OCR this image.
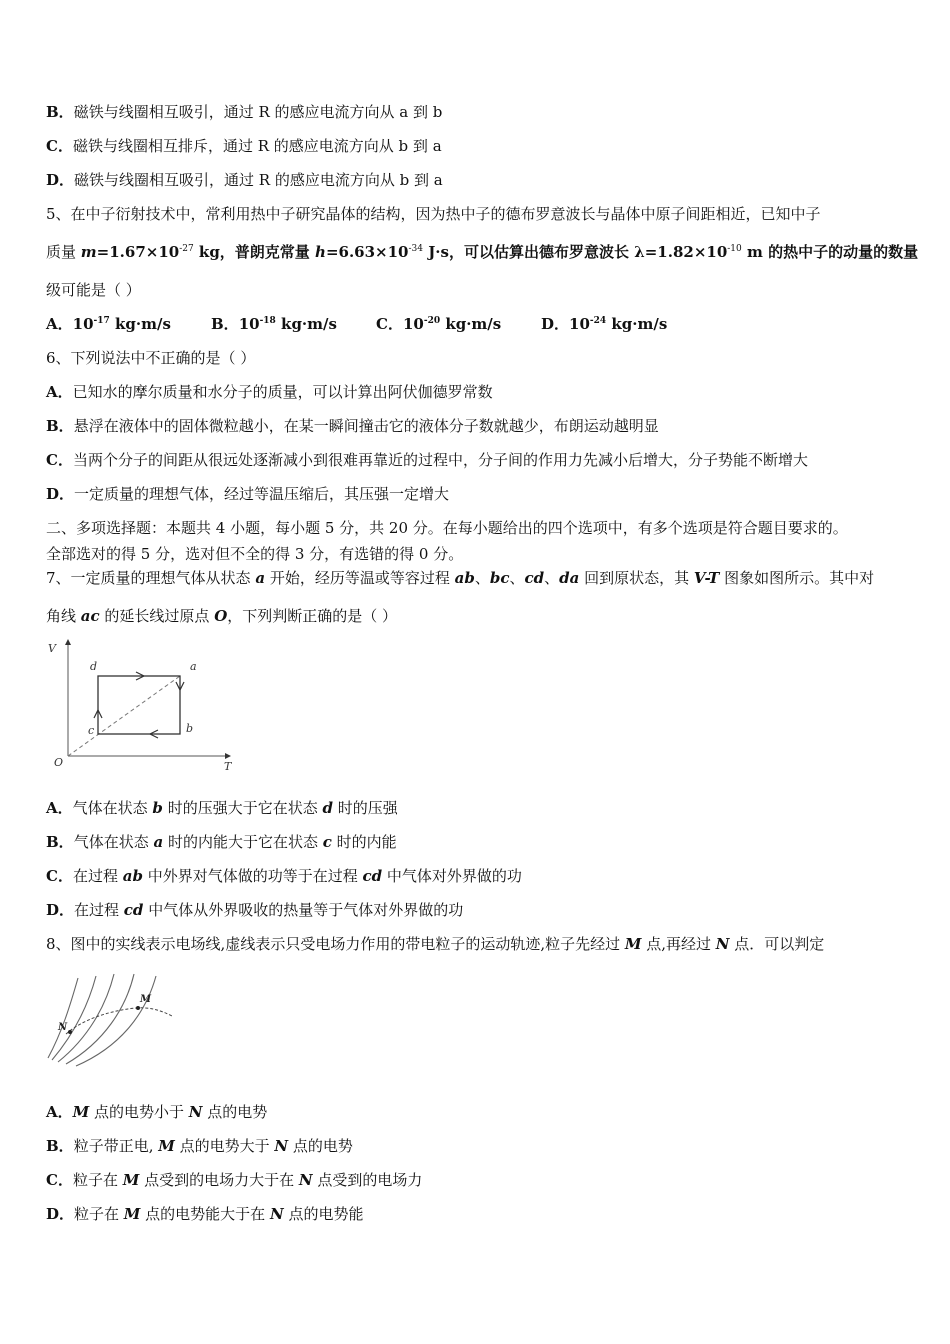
B．磁铁与线圈相互吸引，通过 R 的感应电流方向从 a 到 b
C．磁铁与线圈相互排斥，通过 R 的感应电流方向从 b 到 a
D．磁铁与线圈相互吸引，通过 R 的感应电流方向从 b 到 a
5、在中子衍射技术中，常利用热中子研究晶体的结构，因为热中子的德布罗意波长与晶体中原子间距相近，已知中子
质量 $m=1.67\times 10^{-27}$ kg，普朗克常量 $h=6.63\times 10^{-34}$ J·s，可以估算出德布罗意波长 $\lambda=1.82\times 10^{-10}$ m 的热中子的动量的数量
级可能是（ ）
A．$10^{-17}$ kg·m/s	B．$10^{-18}$ kg·m/s	C．$10^{-20}$ kg·m/s	D．$10^{-24}$ kg·m/s
6、下列说法中不正确的是（ ）
A．已知水的摩尔质量和水分子的质量，可以计算出阿伏伽德罗常数
B．悬浮在液体中的固体微粒越小，在某一瞬间撞击它的液体分子数就越少，布朗运动越明显
C．当两个分子的间距从很远处逐渐减小到很难再靠近的过程中，分子间的作用力先减小后增大，分子势能不断增大
D．一定质量的理想气体，经过等温压缩后，其压强一定增大
二、多项选择题：本题共 4 小题，每小题 5 分，共 20 分。在每小题给出的四个选项中，有多个选项是符合题目要求的。
全部选对的得 5 分，选对但不全的得 3 分，有选错的得 0 分。
7、一定质量的理想气体从状态 a 开始，经历等温或等容过程 ab、bc、cd、da 回到原状态，其 V-T 图象如图所示。其中对
角线 ac 的延长线过原点 O，下列判断正确的是（ ）
V
T
O
a
b
c
d
A．气体在状态 b 时的压强大于它在状态 d 时的压强
B．气体在状态 a 时的内能大于它在状态 c 时的内能
C．在过程 ab 中外界对气体做的功等于在过程 cd 中气体对外界做的功
D．在过程 cd 中气体从外界吸收的热量等于气体对外界做的功
8、图中的实线表示电场线,虚线表示只受电场力作用的带电粒子的运动轨迹,粒子先经过 M 点,再经过 N 点．可以判定
N
M
A．M 点的电势小于 N 点的电势
B．粒子带正电, M 点的电势大于 N 点的电势
C．粒子在 M 点受到的电场力大于在 N 点受到的电场力
D．粒子在 M 点的电势能大于在 N 点的电势能
